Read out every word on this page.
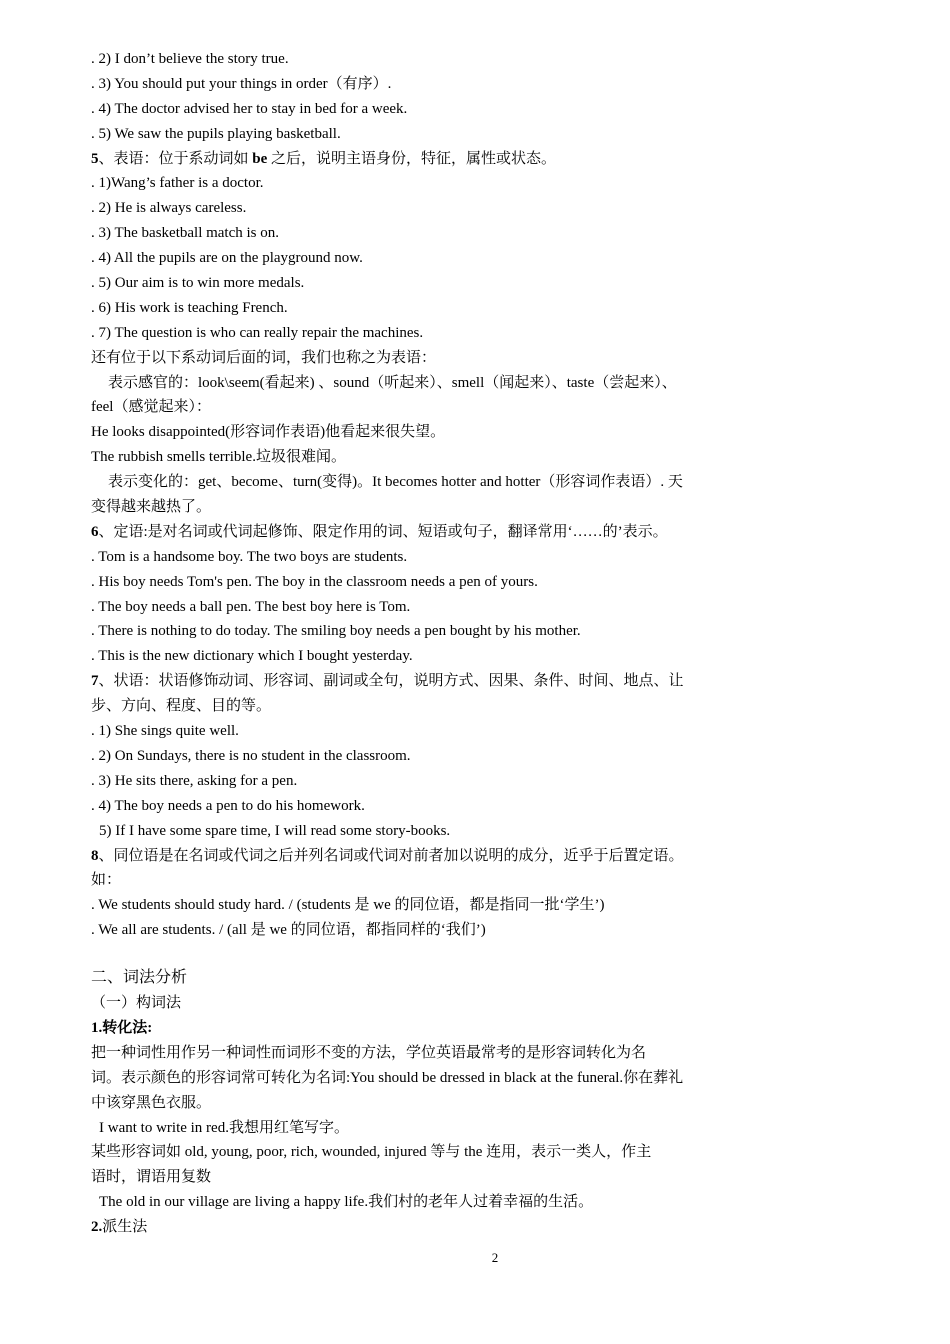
. 2) I don’t believe the story true.
. 3) You should put your things in order（有序）.
. 4) The doctor advised her to stay in bed for a week.
. 5) We saw the pupils playing basketball.
5、表语：位于系动词如 be 之后，说明主语身份，特征，属性或状态。
. 1)Wang’s father is a doctor.
. 2) He is always careless.
. 3) The basketball match is on.
. 4) All the pupils are on the playground now.
. 5) Our aim is to win more medals.
. 6) His work is teaching French.
. 7) The question is who can really repair the machines.
还有位于以下系动词后面的词，我们也称之为表语：
表示感官的：look\seem(看起来) 、sound（听起来）、smell（闻起来）、taste（尝起来）、
feel（感觉起来）：
He looks disappointed(形容词作表语)他看起来很失望。
The rubbish smells terrible.垃圾很难闻。
表示变化的：get、become、turn(变得)。It becomes hotter and hotter（形容词作表语）. 天
变得越来越热了。
6、定语:是对名词或代词起修饰、限定作用的词、短语或句子，翻译常用‘……的’表示。
. Tom is a handsome boy. The two boys are students.
. His boy needs Tom's pen. The boy in the classroom needs a pen of yours.
. The boy needs a ball pen. The best boy here is Tom.
. There is nothing to do today. The smiling boy needs a pen bought by his mother.
. This is the new dictionary which I bought yesterday.
7、状语：状语修饰动词、形容词、副词或全句，说明方式、因果、条件、时间、地点、让
步、方向、程度、目的等。
. 1) She sings quite well.
. 2) On Sundays, there is no student in the classroom.
. 3) He sits there, asking for a pen.
. 4) The boy needs a pen to do his homework.
5) If I have some spare time, I will read some story-books.
8、同位语是在名词或代词之后并列名词或代词对前者加以说明的成分，近乎于后置定语。
如：
. We students should study hard. / (students 是 we 的同位语，都是指同一批‘学生’)
. We all are students. / (all 是 we 的同位语，都指同样的‘我们’)
二、词法分析
（一）构词法
1.转化法:
把一种词性用作另一种词性而词形不变的方法，学位英语最常考的是形容词转化为名
词。表示颜色的形容词常可转化为名词:You should be dressed in black at the funeral.你在葬礼
中该穿黑色衣服。
I want to write in red.我想用红笔写字。
某些形容词如 old, young, poor, rich, wounded, injured 等与 the 连用，表示一类人，作主
语时，谓语用复数
The old in our village are living a happy life.我们村的老年人过着幸福的生活。
2.派生法
2
